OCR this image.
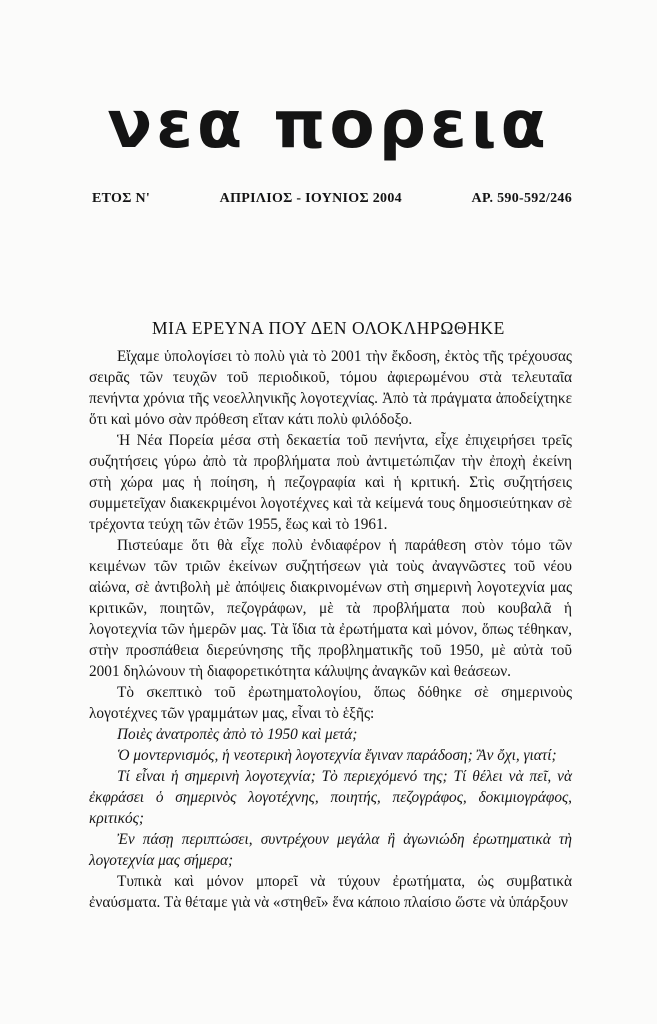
νεα πορεια
ΕΤΟΣ Ν'	ΑΠΡΙΛΙΟΣ - ΙΟΥΝΙΟΣ 2004	ΑΡ. 590-592/246
ΜΙΑ ΕΡΕΥΝΑ ΠΟΥ ΔΕΝ ΟΛΟΚΛΗΡΩΘΗΚΕ

Εἴχαμε ὑπολογίσει τὸ πολὺ γιὰ τὸ 2001 τὴν ἔκδοση, ἐκτὸς τῆς τρέχουσας σειρᾶς τῶν τευχῶν τοῦ περιοδικοῦ, τόμου ἀφιερωμένου στὰ τελευταῖα πενήντα χρόνια τῆς νεοελληνικῆς λογοτεχνίας. Ἀπὸ τὰ πράγματα ἀποδείχτηκε ὅτι καὶ μόνο σὰν πρόθεση εἴταν κάτι πολὺ φιλόδοξο.

Ἡ Νέα Πορεία μέσα στὴ δεκαετία τοῦ πενήντα, εἶχε ἐπιχειρήσει τρεῖς συζητήσεις γύρω ἀπὸ τὰ προβλήματα ποὺ ἀντιμετώπιζαν τὴν ἐποχὴ ἐκείνη στὴ χώρα μας ἡ ποίηση, ἡ πεζογραφία καὶ ἡ κριτική. Στὶς συζητήσεις συμμετεῖχαν διακεκριμένοι λογοτέχνες καὶ τὰ κείμενά τους δημοσιεύτηκαν σὲ τρέχοντα τεύχη τῶν ἐτῶν 1955, ἕως καὶ τὸ 1961.

Πιστεύαμε ὅτι θὰ εἶχε πολὺ ἐνδιαφέρον ἡ παράθεση στὸν τόμο τῶν κειμένων τῶν τριῶν ἐκείνων συζητήσεων γιὰ τοὺς ἀναγνῶστες τοῦ νέου αἰώνα, σὲ ἀντιβολὴ μὲ ἀπόψεις διακρινομένων στὴ σημερινὴ λογοτεχνία μας κριτικῶν, ποιητῶν, πεζογράφων, μὲ τὰ προβλήματα ποὺ κουβαλᾶ ἡ λογοτεχνία τῶν ἡμερῶν μας. Τὰ ἴδια τὰ ἐρωτήματα καὶ μόνον, ὅπως τέθηκαν, στὴν προσπάθεια διερεύνησης τῆς προβληματικῆς τοῦ 1950, μὲ αὐτὰ τοῦ 2001 δηλώνουν τὴ διαφορετικότητα κάλυψης ἀναγκῶν καὶ θεάσεων.

Τὸ σκεπτικὸ τοῦ ἐρωτηματολογίου, ὅπως δόθηκε σὲ σημερινοὺς λογοτέχνες τῶν γραμμάτων μας, εἶναι τὸ ἑξῆς:

Ποιὲς ἀνατροπὲς ἀπὸ τὸ 1950 καὶ μετά;

Ὁ μοντερνισμός, ἡ νεοτερικὴ λογοτεχνία ἔγιναν παράδοση; Ἂν ὄχι, γιατί;

Τί εἶναι ἡ σημερινὴ λογοτεχνία; Τὸ περιεχόμενό της; Τί θέλει νὰ πεῖ, νὰ ἐκφράσει ὁ σημερινὸς λογοτέχνης, ποιητής, πεζογράφος, δοκιμιογράφος, κριτικός;

Ἐν πάσῃ περιπτώσει, συντρέχουν μεγάλα ἢ ἀγωνιώδη ἐρωτηματικὰ τὴ λογοτεχνία μας σήμερα;

Τυπικὰ καὶ μόνον μπορεῖ νὰ τύχουν ἐρωτήματα, ὡς συμβατικὰ ἐναύσματα. Τὰ θέταμε γιὰ νὰ «στηθεῖ» ἕνα κάποιο πλαίσιο ὥστε νὰ ὑπάρξουν
